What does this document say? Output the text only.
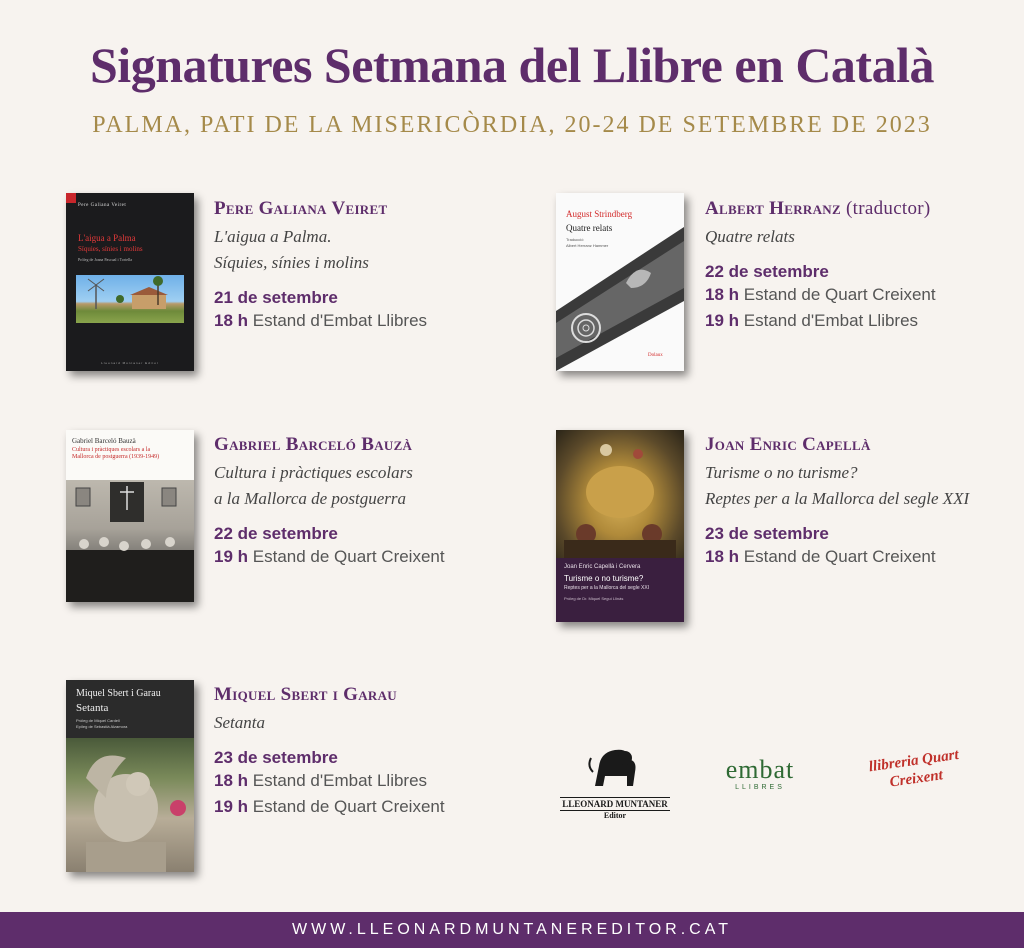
Signatures Setmana del Llibre en Català

PALMA, PATI DE LA MISERICÒRDIA, 20-24 DE SETEMBRE DE 2023

Pere Galiana Veiret
L'aigua a Palma
Síquies, sínies i molins
Pròleg de Joana Pascual i Tortella
Lleonard Muntaner Editor
Pere Galiana Veiret
L'aigua a Palma.
Síquies, sínies i molins
21 de setembre
18 h Estand d'Embat Llibres
August Strindberg
Quatre relats
Traducció
Albert Herranz Hammer
Dolaux
Albert Herranz (traductor)
Quatre relats
22 de setembre
18 h Estand de Quart Creixent
19 h Estand d'Embat Llibres
Gabriel Barceló Bauzà
Cultura i pràctiques escolars a la Mallorca de postguerra (1939-1949)
Gabriel Barceló Bauzà
Cultura i pràctiques escolars
a la Mallorca de postguerra
22 de setembre
19 h Estand de Quart Creixent
Joan Enric Capellà i Cervera
Turisme o no turisme?
Reptes per a la Mallorca del segle XXI
Pròleg de Dr. Miquel Seguí Llinàs
Joan Enric Capellà
Turisme o no turisme?
Reptes per a la Mallorca del segle XXI
23 de setembre
18 h Estand de Quart Creixent
Miquel Sbert i Garau
Setanta
Pròleg de Miquel Cardell
Epíleg de Sebastià Alzamora
Miquel Sbert i Garau
Setanta
23 de setembre
18 h Estand d'Embat Llibres
19 h Estand de Quart Creixent	LLEONARD MUNTANER
Editor
embat
LLIBRES
llibreria Quart Creixent
WWW.LLEONARDMUNTANEREDITOR.CAT
